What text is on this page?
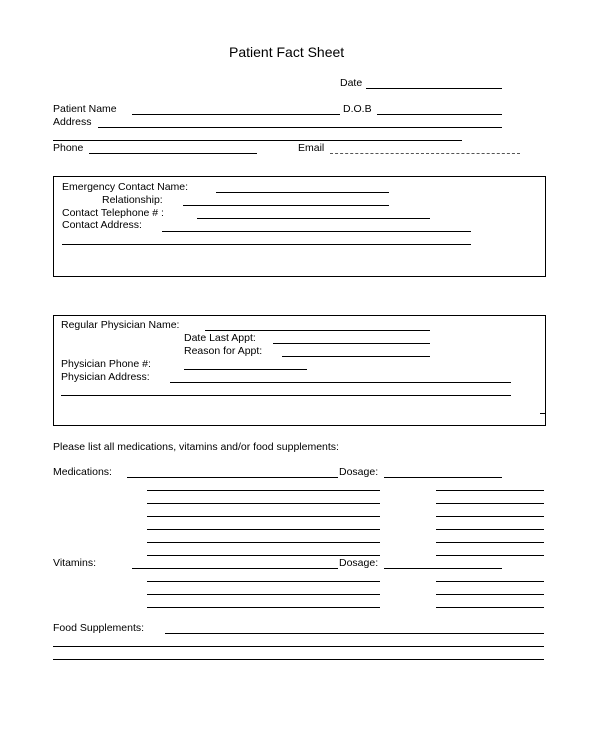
Patient Fact Sheet
Date
Patient Name	D.O.B
Address
Phone	Email
Emergency Contact Name:
Relationship:
Contact Telephone # :
Contact Address:
Regular Physician Name:
Date Last Appt:
Reason for Appt:
Physician Phone #:
Physician Address:
Please list all medications, vitamins and/or food supplements:
Medications:	Dosage:
Vitamins:	Dosage:
Food Supplements:
